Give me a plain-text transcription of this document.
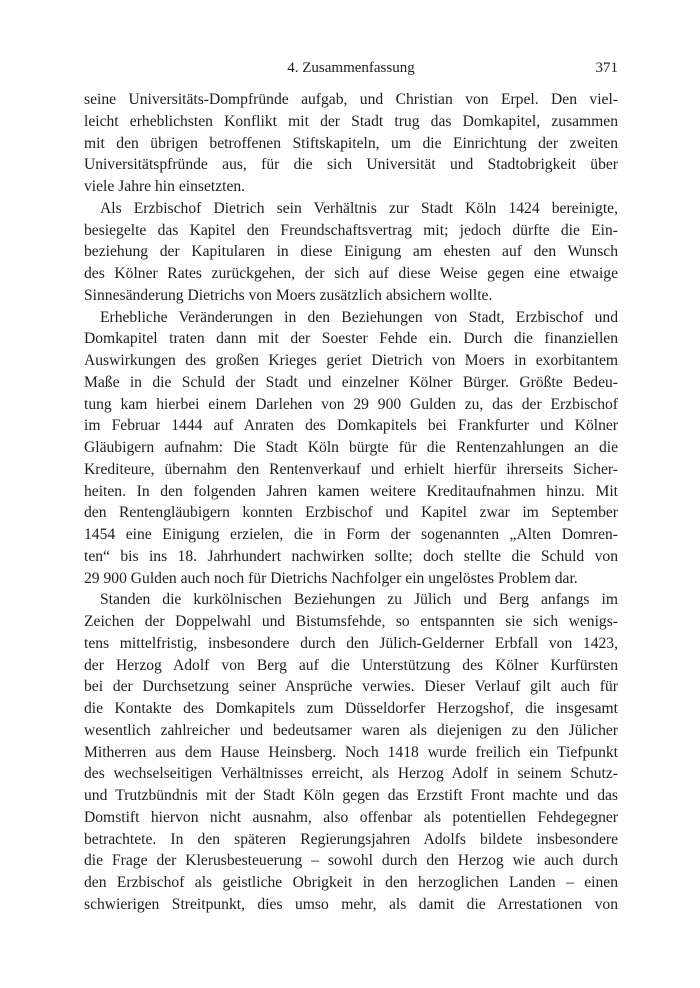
4. Zusammenfassung	371
seine Universitäts-Dompfründe aufgab, und Christian von Erpel. Den viel-
leicht erheblichsten Konflikt mit der Stadt trug das Domkapitel, zusammen
mit den übrigen betroffenen Stiftskapiteln, um die Einrichtung der zweiten
Universitätspfründe aus, für die sich Universität und Stadtobrigkeit über
viele Jahre hin einsetzten.
Als Erzbischof Dietrich sein Verhältnis zur Stadt Köln 1424 bereinigte,
besiegelte das Kapitel den Freundschaftsvertrag mit; jedoch dürfte die Ein-
beziehung der Kapitularen in diese Einigung am ehesten auf den Wunsch
des Kölner Rates zurückgehen, der sich auf diese Weise gegen eine etwaige
Sinnesänderung Dietrichs von Moers zusätzlich absichern wollte.
Erhebliche Veränderungen in den Beziehungen von Stadt, Erzbischof und
Domkapitel traten dann mit der Soester Fehde ein. Durch die finanziellen
Auswirkungen des großen Krieges geriet Dietrich von Moers in exorbitantem
Maße in die Schuld der Stadt und einzelner Kölner Bürger. Größte Bedeu-
tung kam hierbei einem Darlehen von 29 900 Gulden zu, das der Erzbischof
im Februar 1444 auf Anraten des Domkapitels bei Frankfurter und Kölner
Gläubigern aufnahm: Die Stadt Köln bürgte für die Rentenzahlungen an die
Krediteure, übernahm den Rentenverkauf und erhielt hierfür ihrerseits Sicher-
heiten. In den folgenden Jahren kamen weitere Kreditaufnahmen hinzu. Mit
den Rentengläubigern konnten Erzbischof und Kapitel zwar im September
1454 eine Einigung erzielen, die in Form der sogenannten „Alten Domren-
ten“ bis ins 18. Jahrhundert nachwirken sollte; doch stellte die Schuld von
29 900 Gulden auch noch für Dietrichs Nachfolger ein ungelöstes Problem dar.
Standen die kurkölnischen Beziehungen zu Jülich und Berg anfangs im
Zeichen der Doppelwahl und Bistumsfehde, so entspannten sie sich wenigs-
tens mittelfristig, insbesondere durch den Jülich-Gelderner Erbfall von 1423,
der Herzog Adolf von Berg auf die Unterstützung des Kölner Kurfürsten
bei der Durchsetzung seiner Ansprüche verwies. Dieser Verlauf gilt auch für
die Kontakte des Domkapitels zum Düsseldorfer Herzogshof, die insgesamt
wesentlich zahlreicher und bedeutsamer waren als diejenigen zu den Jülicher
Mitherren aus dem Hause Heinsberg. Noch 1418 wurde freilich ein Tiefpunkt
des wechselseitigen Verhältnisses erreicht, als Herzog Adolf in seinem Schutz-
und Trutzbündnis mit der Stadt Köln gegen das Erzstift Front machte und das
Domstift hiervon nicht ausnahm, also offenbar als potentiellen Fehdegegner
betrachtete. In den späteren Regierungsjahren Adolfs bildete insbesondere
die Frage der Klerusbesteuerung – sowohl durch den Herzog wie auch durch
den Erzbischof als geistliche Obrigkeit in den herzoglichen Landen – einen
schwierigen Streitpunkt, dies umso mehr, als damit die Arrestationen von
